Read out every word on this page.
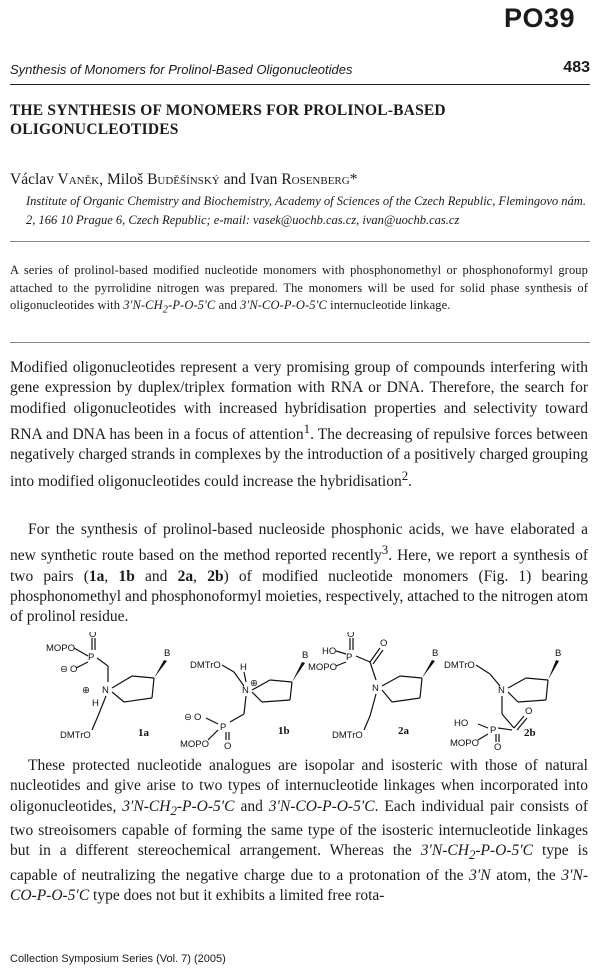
PO39
Synthesis of Monomers for Prolinol-Based Oligonucleotides	483
THE SYNTHESIS OF MONOMERS FOR PROLINOL-BASED OLIGONUCLEOTIDES
Václav Vaněk, Miloš Buděšínský and Ivan Rosenberg*
Institute of Organic Chemistry and Biochemistry, Academy of Sciences of the Czech Republic, Flemingovo nám. 2, 166 10 Prague 6, Czech Republic; e-mail: vasek@uochb.cas.cz, ivan@uochb.cas.cz
A series of prolinol-based modified nucleotide monomers with phosphonomethyl or phosphonoformyl group attached to the pyrrolidine nitrogen was prepared. The monomers will be used for solid phase synthesis of oligonucleotides with $3'N-CH_2-P-O-5'C$ and 3′N-CO-P-O-5′C internucleotide linkage.
Modified oligonucleotides represent a very promising group of compounds interfering with gene expression by duplex/triplex formation with RNA or DNA. Therefore, the search for modified oligonucleotides with increased hybridisation properties and selectivity toward RNA and DNA has been in a focus of attention$^1$. The decreasing of repulsive forces between negatively charged strands in complexes by the introduction of a positively charged grouping into modified oligonucleotides could increase the hybridisation$^2$.
For the synthesis of prolinol-based nucleoside phosphonic acids, we have elaborated a new synthetic route based on the method reported recently$^3$. Here, we report a synthesis of two pairs (1a, 1b and 2a, 2b) of modified nucleotide monomers (Fig. 1) bearing phosphonomethyl and phosphonoformyl moieties, respectively, attached to the nitrogen atom of prolinol residue.
MOPO
P
O
⊖ O
⊕ N
H
B
DMTrO	1a
DMTrO H
N
⊕
B
P
⊖ O
O
MOPO
1b
HO
P
O
MOPO
O
N
B
DMTrO	2a
DMTrO
N
B
O
P
HO
O
MOPO
2b
These protected nucleotide analogues are isopolar and isosteric with those of natural nucleotides and give arise to two types of internucleotide linkages when incorporated into oligonucleotides, $3'N-CH_2-P-O-5'C$ and 3′N-CO-P-O-5′C. Each individual pair consists of two streoisomers capable of forming the same type of the isosteric internucleotide linkages but in a different stereochemical arrangement. Whereas the $3'N-CH_2-P-O-5'C$ type is capable of neutralizing the negative charge due to a protonation of the 3′N atom, the 3′N-CO-P-O-5′C type does not but it exhibits a limited free rota-
Collection Symposium Series (Vol. 7) (2005)
